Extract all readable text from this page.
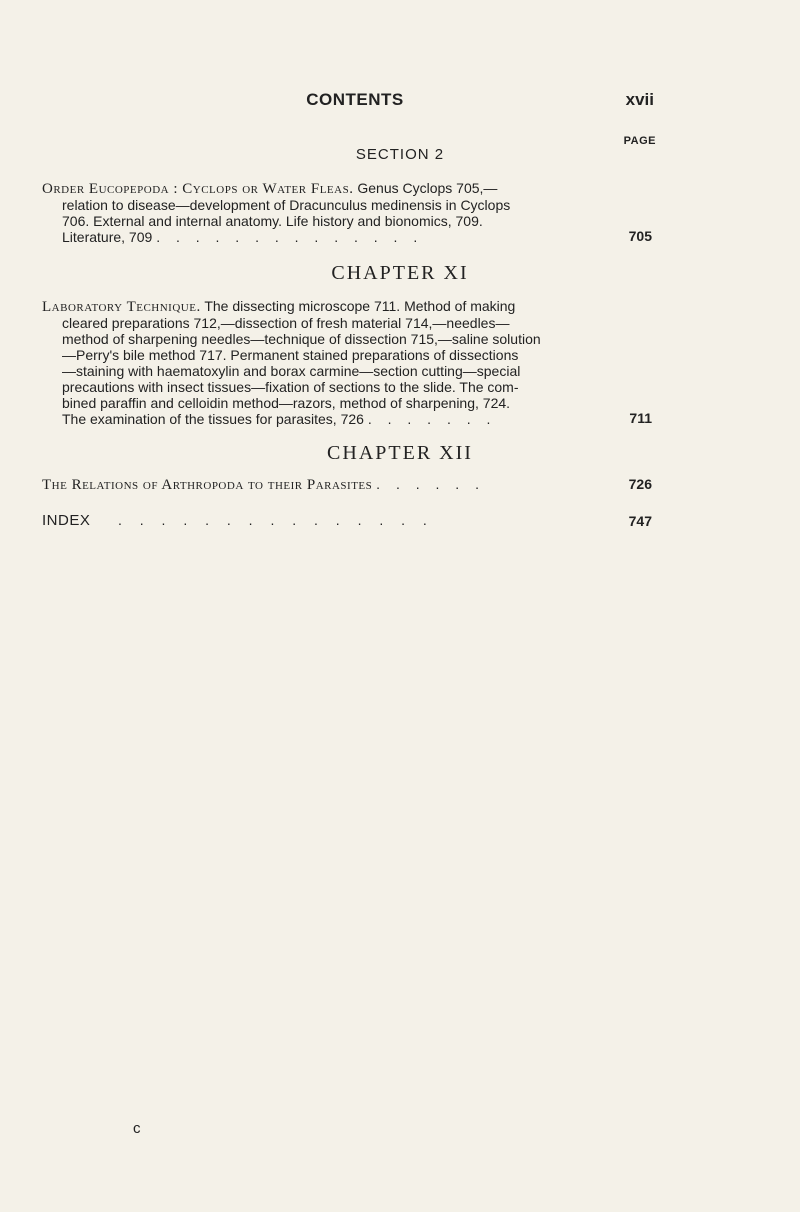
CONTENTS	xvii
PAGE
SECTION 2
Order Eucopepoda : Cyclops or Water Fleas. Genus Cyclops 705,—
relation to disease—development of Dracunculus medinensis in Cyclops
706. External and internal anatomy. Life history and bionomics, 709.
Literature, 709 . . . . . . . . . . . . . .	705
CHAPTER XI
Laboratory Technique. The dissecting microscope 711. Method of making
cleared preparations 712,—dissection of fresh material 714,—needles—
method of sharpening needles—technique of dissection 715,—saline solution
—Perry's bile method 717. Permanent stained preparations of dissections
—staining with haematoxylin and borax carmine—section cutting—special
precautions with insect tissues—fixation of sections to the slide. The com-
bined paraffin and celloidin method—razors, method of sharpening, 724.
The examination of the tissues for parasites, 726 . . . . . . .	711
CHAPTER XII
The Relations of Arthropoda to their Parasites . . . . . .	726
INDEX . . . . . . . . . . . . . . .	747
c
